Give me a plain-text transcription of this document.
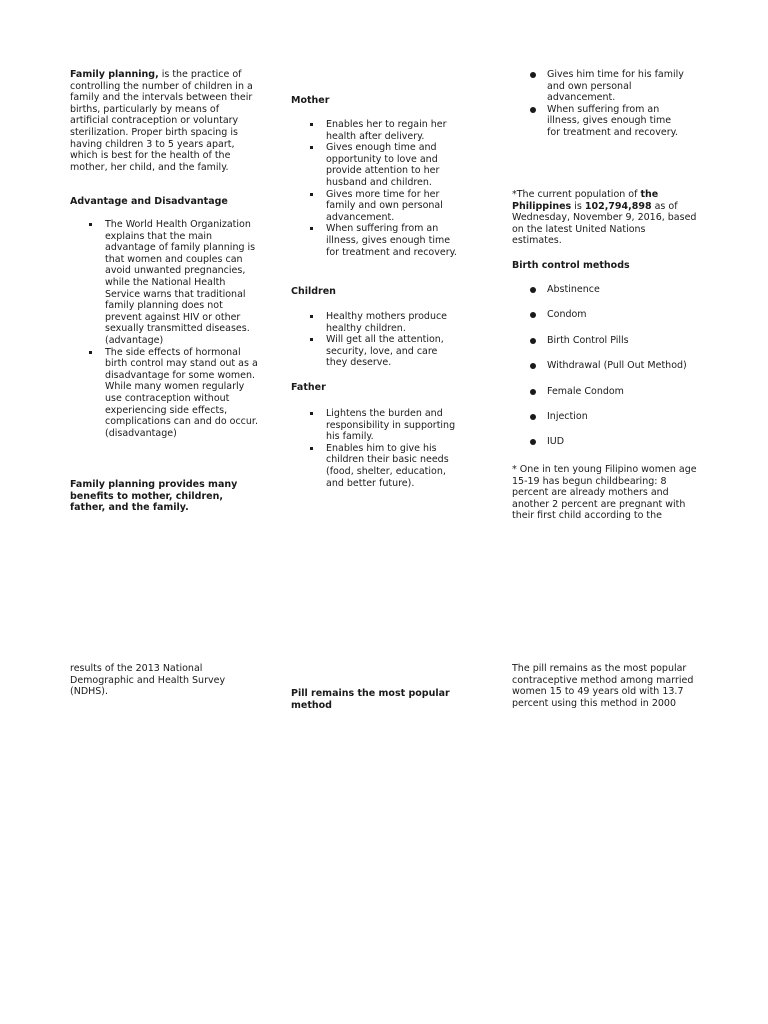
Family planning, is the practice of controlling the number of children in a family and the intervals between their births, particularly by means of artificial contraception or voluntary sterilization. Proper birth spacing is having children 3 to 5 years apart, which is best for the health of the mother, her child, and the family.

Advantage and Disadvantage
The World Health Organization explains that the main advantage of family planning is that women and couples can avoid unwanted pregnancies, while the National Health Service warns that traditional family planning does not prevent against HIV or other sexually transmitted diseases. (advantage)
The side effects of hormonal birth control may stand out as a disadvantage for some women. While many women regularly use contraception without experiencing side effects, complications can and do occur. (disadvantage)
Family planning provides many benefits to mother, children, father, and the family.
results of the 2013 National Demographic and Health Survey (NDHS).
Mother
Enables her to regain her health after delivery.
Gives enough time and opportunity to love and provide attention to her husband and children.
Gives more time for her family and own personal advancement.
When suffering from an illness, gives enough time for treatment and recovery.
Children
Healthy mothers produce healthy children.
Will get all the attention, security, love, and care they deserve.
Father
Lightens the burden and responsibility in supporting his family.
Enables him to give his children their basic needs (food, shelter, education, and better future).
Pill remains the most popular method
Gives him time for his family and own personal advancement.
When suffering from an illness, gives enough time for treatment and recovery.
*The current population of the Philippines is 102,794,898 as of Wednesday, November 9, 2016, based on the latest United Nations estimates.
Birth control methods
Abstinence
Condom
Birth Control Pills
Withdrawal (Pull Out Method)
Female Condom
Injection
IUD
* One in ten young Filipino women age 15-19 has begun childbearing: 8 percent are already mothers and another 2 percent are pregnant with their first child according to the
The pill remains as the most popular contraceptive method among married women 15 to 49 years old with 13.7 percent using this method in 2000
